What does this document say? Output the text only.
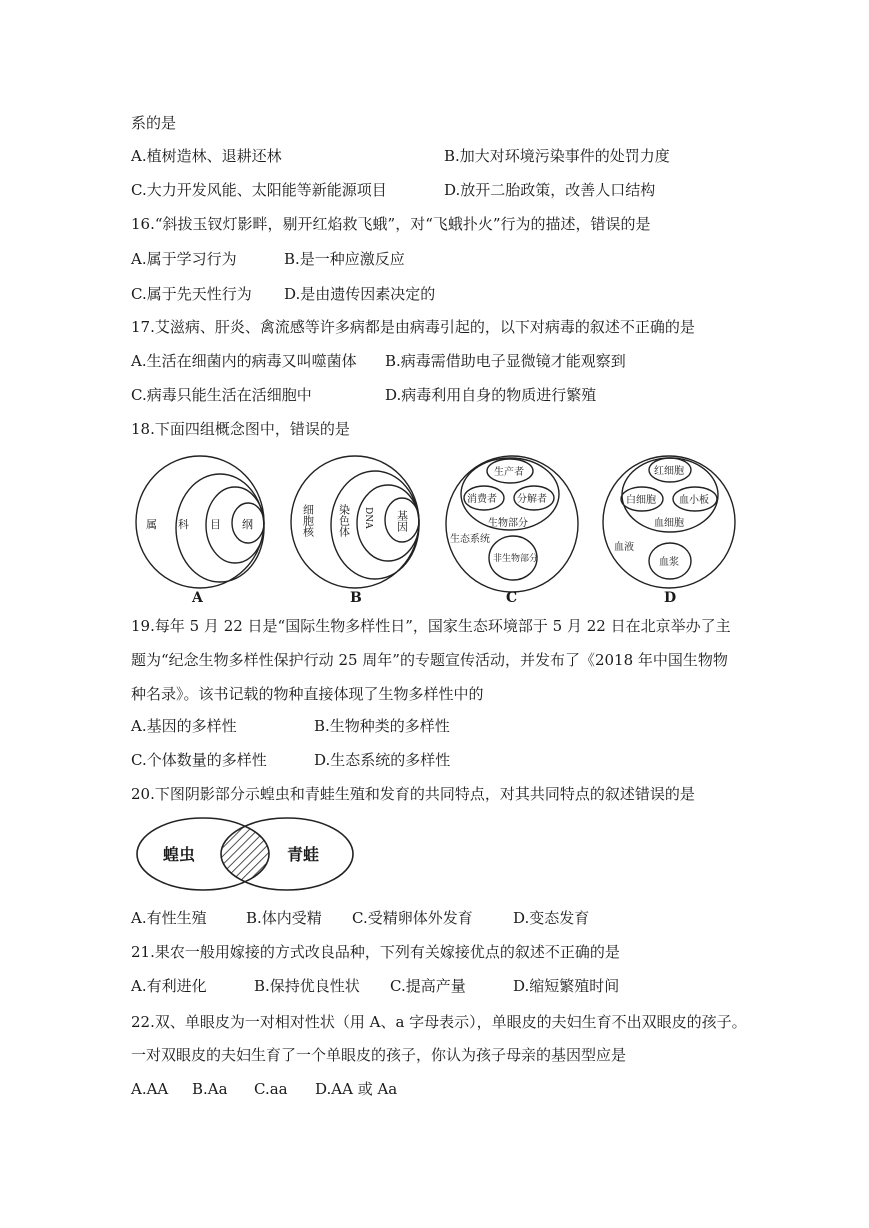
系的是
A.植树造林、退耕还林	B.加大对环境污染事件的处罚力度
C.大力开发风能、太阳能等新能源项目	D.放开二胎政策，改善人口结构
16.“斜拔玉钗灯影畔，剔开红焰救飞蛾”，对“飞蛾扑火”行为的描述，错误的是
A.属于学习行为	B.是一种应激反应
C.属于先天性行为 D.是由遗传因素决定的
17.艾滋病、肝炎、禽流感等许多病都是由病毒引起的，以下对病毒的叙述不正确的是
A.生活在细菌内的病毒又叫噬菌体 B.病毒需借助电子显微镜才能观察到
C.病毒只能生活在活细胞中	D.病毒利用自身的物质进行繁殖
18.下面四组概念图中，错误的是
属 科 目 纲
A
细胞核 染色体 DNA 基因
B
生产者
消费者 分解者
生物部分
生态系统
非生物部分
C
红细胞
白细胞 血小板
血细胞
血液
血浆
D
19.每年 5 月 22 日是“国际生物多样性日”，国家生态环境部于 5 月 22 日在北京举办了主
题为“纪念生物多样性保护行动 25 周年”的专题宣传活动，并发布了《2018 年中国生物物
种名录》。该书记载的物种直接体现了生物多样性中的
A.基因的多样性	B.生物种类的多样性
C.个体数量的多样性	D.生态系统的多样性
20.下图阴影部分示蝗虫和青蛙生殖和发育的共同特点，对其共同特点的叙述错误的是
蝗虫	青蛙
A.有性生殖	B.体内受精 C.受精卵体外发育	D.变态发育
21.果农一般用嫁接的方式改良品种，下列有关嫁接优点的叙述不正确的是
A.有利进化	B.保持优良性状 C.提高产量	D.缩短繁殖时间
22.双、单眼皮为一对相对性状（用 A、a 字母表示），单眼皮的夫妇生育不出双眼皮的孩子。
一对双眼皮的夫妇生育了一个单眼皮的孩子，你认为孩子母亲的基因型应是
A.AA B.Aa C.aa D.AA 或 Aa
